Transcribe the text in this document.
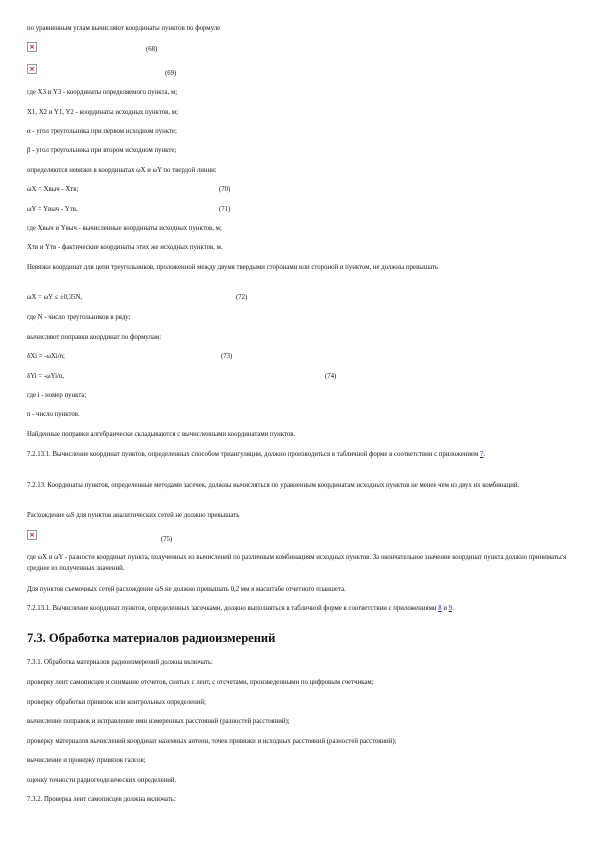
по уравненным углам вычисляют координаты пунктов по формуле
×	(68)
×
(69)
где X3 и Y3 - координаты определяемого пункта, м;
X1, X2 и Y1, Y2 - координаты исходных пунктов, м;
α - угол треугольника при первом исходном пункте;
β - угол треугольника при втором исходном пункте;
определяются невязки в координатах ωX и ωY по твердой линии:
ωX = Xвыч - Xтв;	(70)
ωY = Yвыч - Yтв,	(71)
где Xвыч и Yвыч - вычисленные координаты исходных пунктов, м;
Xтв и Yтв - фактические координаты этих же исходных пунктов, м.
Невязки координат для цепи треугольников, проложенной между двумя твердыми сторонами или стороной и пунктом, не должны превышать
ωX = ωY ≤ ±0,35N,	(72)
где N - число треугольников в ряду;
вычисляют поправки координат по формулам:
δXi = -ωXi/n;	(73)
δYi = -ωYi/n,	(74)
где i - номер пункта;
n - число пунктов.
Найденные поправки алгебраически складываются с вычисленными координатами пунктов.
7.2.13.1. Вычисление координат пунктов, определенных способом триангуляции, должно производиться в табличной форме в соответствии с приложением 7.
7.2.13. Координаты пунктов, определенные методами засечек, должны вычисляться по уравненным координатам исходных пунктов не менее чем из двух их комбинаций.
Расхождение ωS для пунктов аналитических сетей не должно превышать
×
(75)
где ωX и ωY - разности координат пункта, полученных из вычислений по различным комбинациям исходных пунктов. За окончательное значение координат пункта должно приниматься среднее из полученных значений.
Для пунктов съемочных сетей расхождение ωS не должно превышать 0,2 мм в масштабе отчетного планшета.
7.2.13.1. Вычисление координат пунктов, определенных засечками, должно выполняться в табличной форме в соответствии с приложениями 8 и 9.
7.3. Обработка материалов радиоизмерений
7.3.1. Обработка материалов радиоизмерений должна включать:
проверку лент самописцев и снимание отсчетов, снятых с лент, с отсчетами, произведенными по цифровым счетчикам;
проверку обработки привязок или контрольных определений;
вычисление поправок и исправление ими измеренных расстояний (разностей расстояний);
проверку материалов вычислений координат наземных антенн, точек привязки и исходных расстояний (разностей расстояний);
вычисление и проверку привязок галсов;
оценку точности радиогеодезических определений.
7.3.2. Проверка лент самописцев должна включать:
